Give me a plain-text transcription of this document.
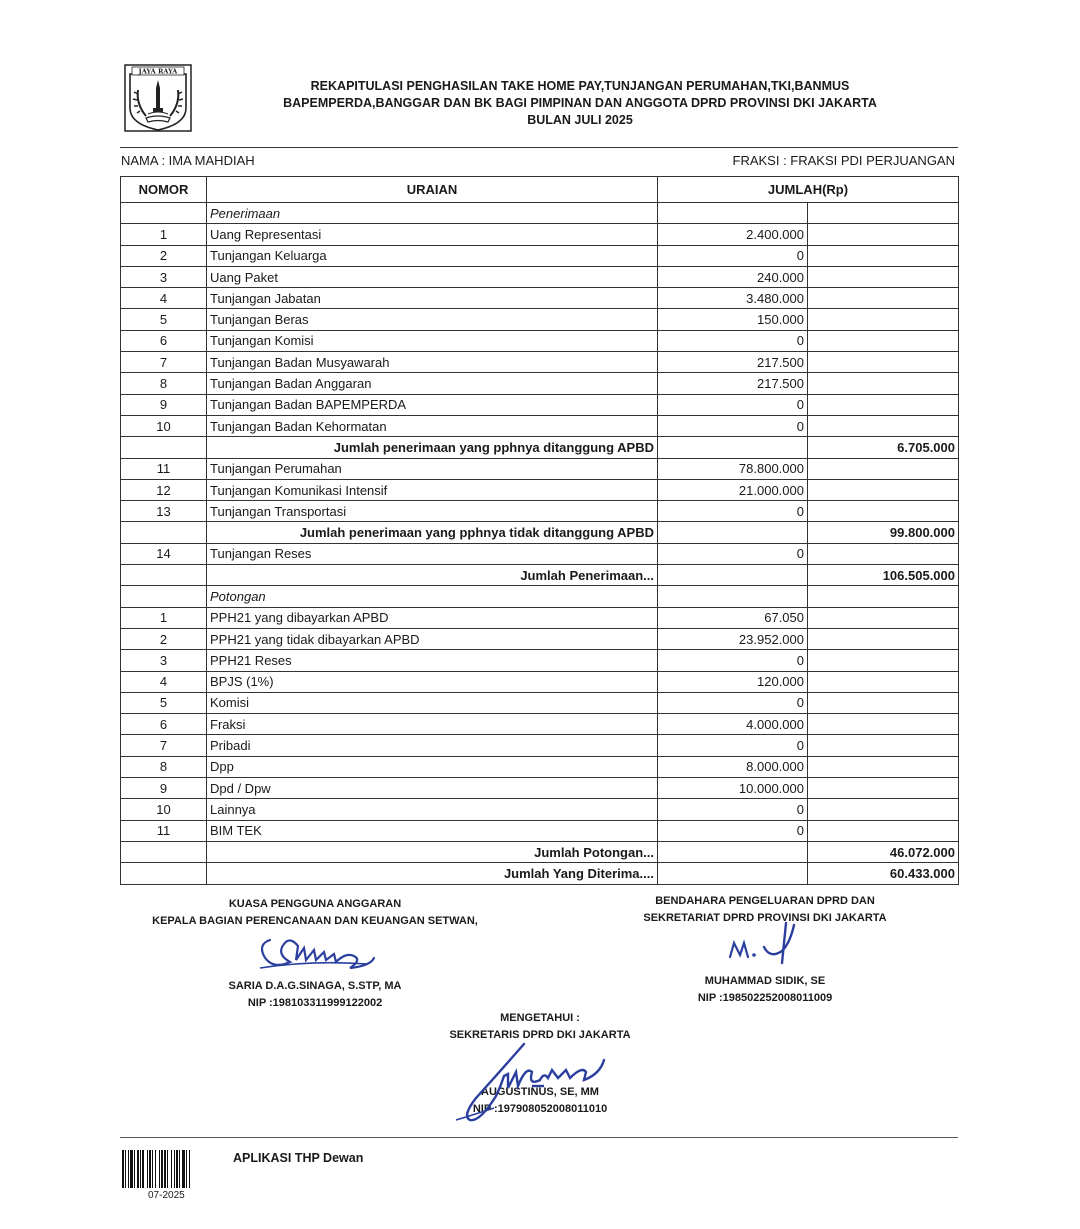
JAYA RAYA
REKAPITULASI PENGHASILAN TAKE HOME PAY,TUNJANGAN PERUMAHAN,TKI,BANMUS
BAPEMPERDA,BANGGAR DAN BK BAGI PIMPINAN DAN ANGGOTA DPRD PROVINSI DKI JAKARTA
BULAN JULI 2025
NAMA : IMA MAHDIAH	FRAKSI : FRAKSI PDI PERJUANGAN
NOMOR	URAIAN	JUMLAH(Rp)	
	Penerimaan		
1	Uang Representasi	2.400.000	
2	Tunjangan Keluarga	0	
3	Uang Paket	240.000	
4	Tunjangan Jabatan	3.480.000	
5	Tunjangan Beras	150.000	
6	Tunjangan Komisi	0	
7	Tunjangan Badan Musyawarah	217.500	
8	Tunjangan Badan Anggaran	217.500	
9	Tunjangan Badan BAPEMPERDA	0	
10	Tunjangan Badan Kehormatan	0	
	Jumlah penerimaan yang pphnya ditanggung APBD		6.705.000
11	Tunjangan Perumahan	78.800.000	
12	Tunjangan Komunikasi Intensif	21.000.000	
13	Tunjangan Transportasi	0	
	Jumlah penerimaan yang pphnya tidak ditanggung APBD		99.800.000
14	Tunjangan Reses	0	
	Jumlah Penerimaan...		106.505.000
	Potongan		
1	PPH21 yang dibayarkan APBD	67.050	
2	PPH21 yang tidak dibayarkan APBD	23.952.000	
3	PPH21 Reses	0	
4	BPJS (1%)	120.000	
5	Komisi	0	
6	Fraksi	4.000.000	
7	Pribadi	0	
8	Dpp	8.000.000	
9	Dpd / Dpw	10.000.000	
10	Lainnya	0	
11	BIM TEK	0	
	Jumlah Potongan...		46.072.000
	Jumlah Yang Diterima....		60.433.000
KUASA PENGGUNA ANGGARAN
KEPALA BAGIAN PERENCANAAN DAN KEUANGAN SETWAN,
SARIA D.A.G.SINAGA, S.STP, MA
NIP :198103311999122002
BENDAHARA PENGELUARAN DPRD DAN
SEKRETARIAT DPRD PROVINSI DKI JAKARTA
MUHAMMAD SIDIK, SE
NIP :198502252008011009
MENGETAHUI :
SEKRETARIS DPRD DKI JAKARTA
AUGUSTINUS, SE, MM
NIP :197908052008011010
07-2025
APLIKASI THP Dewan
